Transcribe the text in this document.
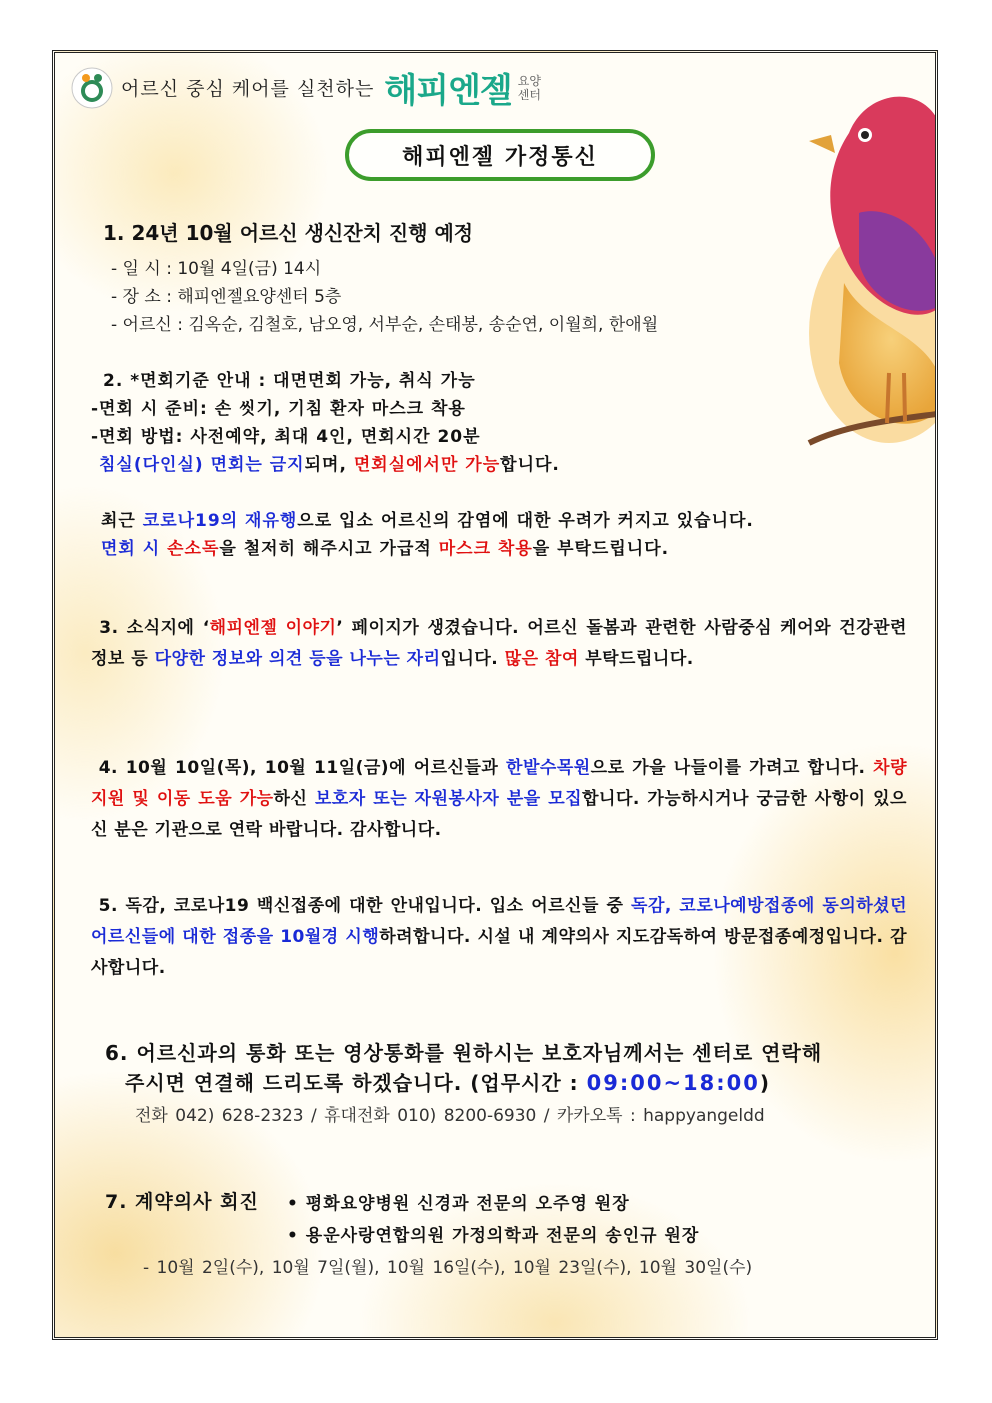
어르신 중심 케어를 실천하는 해피엔젤 요양 센터
해피엔젤 가정통신
1. 24년 10월 어르신 생신잔치 진행 예정
- 일 시 : 10월 4일(금) 14시
- 장 소 : 해피엔젤요양센터 5층
- 어르신 : 김옥순, 김철호, 남오영, 서부순, 손태봉, 송순연, 이월희, 한애월
2. *면회기준 안내 : 대면면회 가능, 취식 가능
-면회 시 준비: 손 씻기, 기침 환자 마스크 착용
-면회 방법: 사전예약, 최대 4인, 면회시간 20분
침실(다인실) 면회는 금지되며, 면회실에서만 가능합니다.
최근 코로나19의 재유행으로 입소 어르신의 감염에 대한 우려가 커지고 있습니다.
면회 시 손소독을 철저히 해주시고 가급적 마스크 착용을 부탁드립니다.
3. 소식지에 ‘해피엔젤 이야기’ 페이지가 생겼습니다. 어르신 돌봄과 관련한 사람중심 케어와 건강관련 정보 등 다양한 정보와 의견 등을 나누는 자리입니다. 많은 참여 부탁드립니다.
4. 10월 10일(목), 10월 11일(금)에 어르신들과 한밭수목원으로 가을 나들이를 가려고 합니다. 차량 지원 및 이동 도움 가능하신 보호자 또는 자원봉사자 분을 모집합니다. 가능하시거나 궁금한 사항이 있으신 분은 기관으로 연락 바랍니다. 감사합니다.
5. 독감, 코로나19 백신접종에 대한 안내입니다. 입소 어르신들 중 독감, 코로나예방접종에 동의하셨던 어르신들에 대한 접종을 10월경 시행하려합니다. 시설 내 계약의사 지도감독하여 방문접종예정입니다. 감사합니다.
6. 어르신과의 통화 또는 영상통화를 원하시는 보호자님께서는 센터로 연락해
주시면 연결해 드리도록 하겠습니다. (업무시간 : 09:00~18:00)
전화 042) 628-2323 / 휴대전화 010) 8200-6930 / 카카오톡 : happyangeldd
7. 계약의사 회진 • 평화요양병원 신경과 전문의 오주영 원장
• 용운사랑연합의원 가정의학과 전문의 송인규 원장
- 10월 2일(수), 10월 7일(월), 10월 16일(수), 10월 23일(수), 10월 30일(수)
